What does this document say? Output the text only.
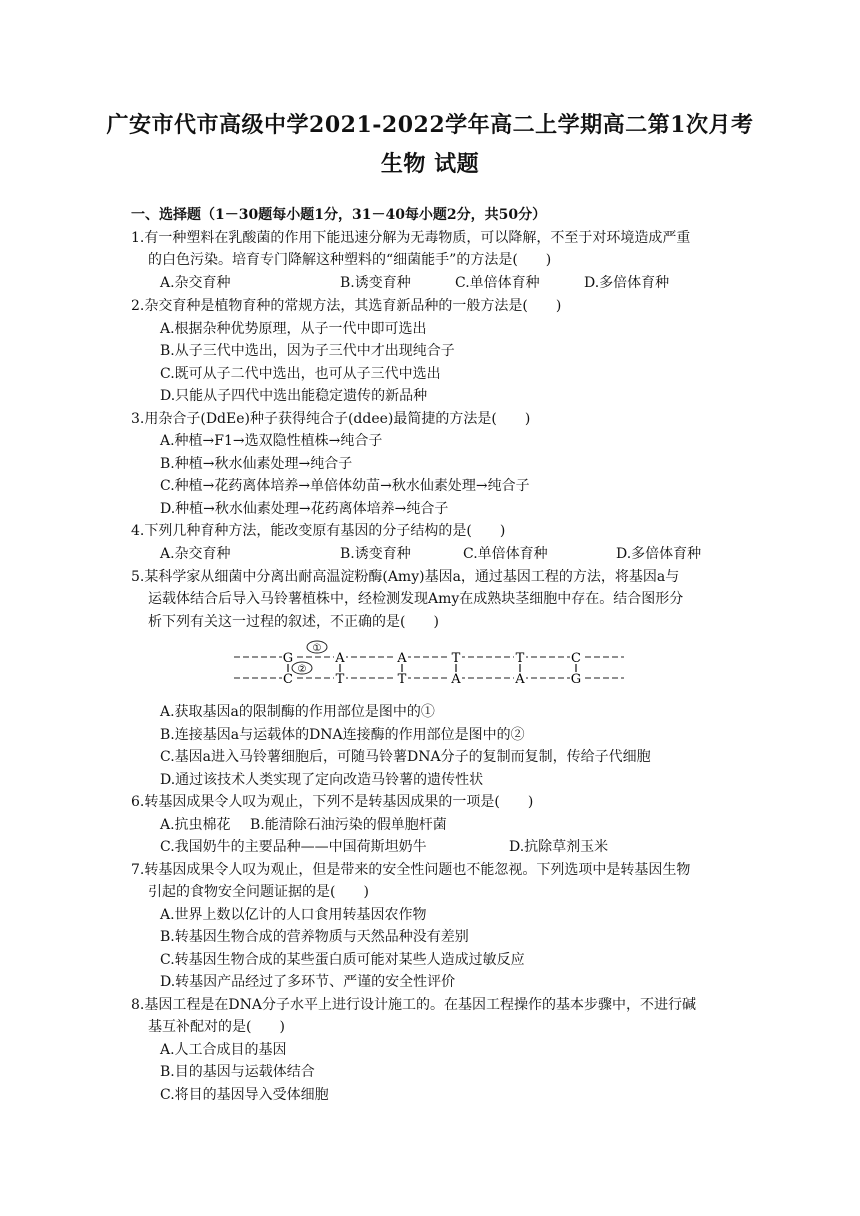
广安市代市高级中学2021-2022学年高二上学期高二第1次月考
生物 试题
一、选择题（1－30题每小题1分，31－40每小题2分，共50分）
1.有一种塑料在乳酸菌的作用下能迅速分解为无毒物质，可以降解，不至于对环境造成严重
的白色污染。培育专门降解这种塑料的“细菌能手”的方法是(　　)
A.杂交育种	B.诱变育种	C.单倍体育种	D.多倍体育种
2.杂交育种是植物育种的常规方法，其选育新品种的一般方法是(　　)
A.根据杂种优势原理，从子一代中即可选出
B.从子三代中选出，因为子三代中才出现纯合子
C.既可从子二代中选出，也可从子三代中选出
D.只能从子四代中选出能稳定遗传的新品种
3.用杂合子(DdEe)种子获得纯合子(ddee)最简捷的方法是(　　)
A.种植→F1→选双隐性植株→纯合子
B.种植→秋水仙素处理→纯合子
C.种植→花药离体培养→单倍体幼苗→秋水仙素处理→纯合子
D.种植→秋水仙素处理→花药离体培养→纯合子
4.下列几种育种方法，能改变原有基因的分子结构的是(　　)
A.杂交育种	B.诱变育种	C.单倍体育种	D.多倍体育种
5.某科学家从细菌中分离出耐高温淀粉酶(Amy)基因a，通过基因工程的方法，将基因a与
运载体结合后导入马铃薯植株中，经检测发现Amy在成熟块茎细胞中存在。结合图形分
析下列有关这一过程的叙述，不正确的是(　　)
G
C
A
T
A
T
T
A
T
A
C
G
①
②
A.获取基因a的限制酶的作用部位是图中的①
B.连接基因a与运载体的DNA连接酶的作用部位是图中的②
C.基因a进入马铃薯细胞后，可随马铃薯DNA分子的复制而复制，传给子代细胞
D.通过该技术人类实现了定向改造马铃薯的遗传性状
6.转基因成果令人叹为观止，下列不是转基因成果的一项是(　　)
A.抗虫棉花 B.能清除石油污染的假单胞杆菌
C.我国奶牛的主要品种——中国荷斯坦奶牛	D.抗除草剂玉米
7.转基因成果令人叹为观止，但是带来的安全性问题也不能忽视。下列选项中是转基因生物
引起的食物安全问题证据的是(　　)
A.世界上数以亿计的人口食用转基因农作物
B.转基因生物合成的营养物质与天然品种没有差别
C.转基因生物合成的某些蛋白质可能对某些人造成过敏反应
D.转基因产品经过了多环节、严谨的安全性评价
8.基因工程是在DNA分子水平上进行设计施工的。在基因工程操作的基本步骤中，不进行碱
基互补配对的是(　　)
A.人工合成目的基因
B.目的基因与运载体结合
C.将目的基因导入受体细胞
